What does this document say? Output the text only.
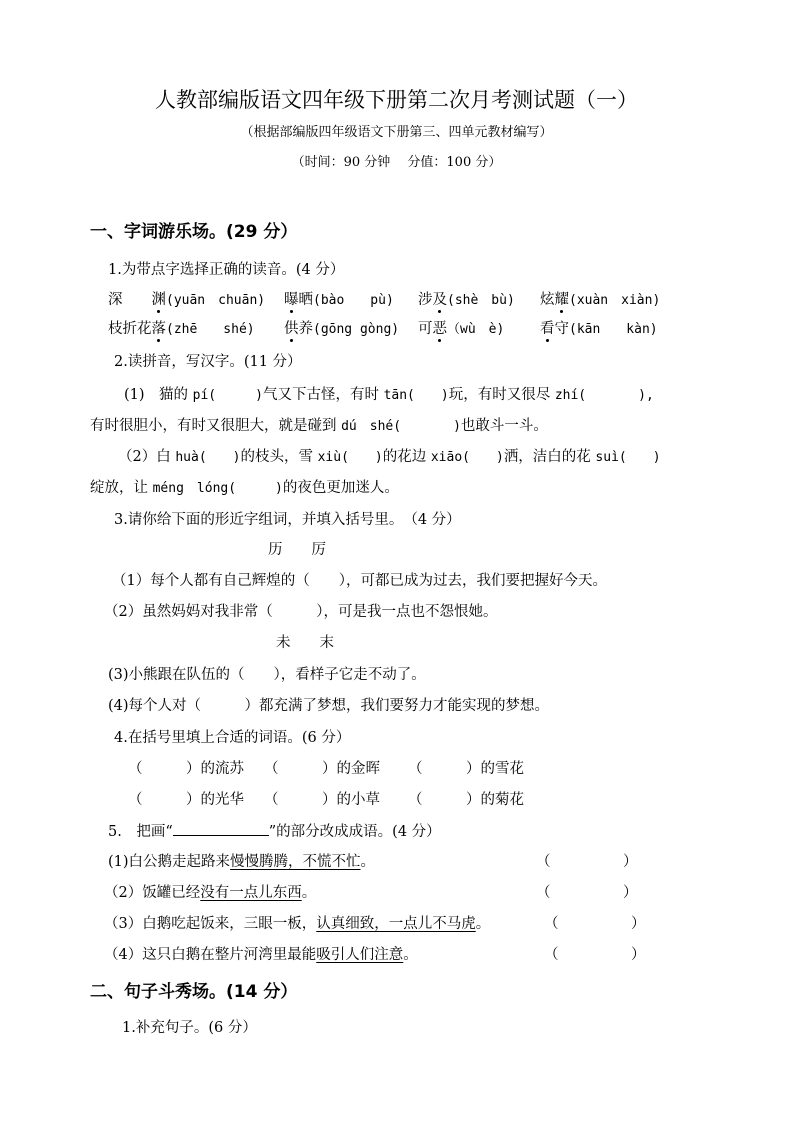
人教部编版语文四年级下册第二次月考测试题（一）
（根据部编版四年级语文下册第三、四单元教材编写）
（时间：90 分钟　 分值：100 分）
一、字词游乐场。(29 分）
1.为带点字选择正确的读音。(4 分）
深　　渊(yuān　chuān) 曝晒(bào　　pù) 涉及(shè　bù) 炫耀(xuàn　xiàn)
枝折花落(zhē　　shé) 供养(gōng gòng) 可恶（wù　è) 看守(kān　　kàn)
2.读拼音，写汉字。(11 分）
(1)　猫的 pí(　　　)气又下古怪，有时 tān(　　)玩，有时又很尽 zhí(　　　　),
有时很胆小，有时又很胆大，就是碰到 dú　shé(　　　　)也敢斗一斗。
（2）白 huà(　　)的枝头，雪 xiù(　　)的花边 xiāo(　　)洒，洁白的花 suì(　　)
绽放，让 méng　lóng(　　　)的夜色更加迷人。
3.请你给下面的形近字组词，并填入括号里。　（4 分）
历　　厉
（1）每个人都有自己辉煌的（　　），可都已成为过去，我们要把握好今天。
（2）虽然妈妈对我非常（　　　），可是我一点也不怨恨她。
未　　末
(3)小熊跟在队伍的（　　），看样子它走不动了。
(4)每个人对（　　　）都充满了梦想，我们要努力才能实现的梦想。
4.在括号里填上合适的词语。(6 分）
（　　　）的流苏 （　　　）的金晖 （　　　）的雪花
（　　　）的光华 （　　　）的小草 （　　　）的菊花
5.　把画“	”的部分改成成语。(4 分）
(1)白公鹅走起路来慢慢腾腾，不慌不忙。	（　　　　　）
（2）饭罐已经没有一点儿东西。	（　　　　　）
（3）白鹅吃起饭来，三眼一板，认真细致，一点儿不马虎。	（　　　　　）
（4）这只白鹅在整片河湾里最能吸引人们注意。	（　　　　　）
二、句子斗秀场。(14 分）
1.补充句子。(6 分）
